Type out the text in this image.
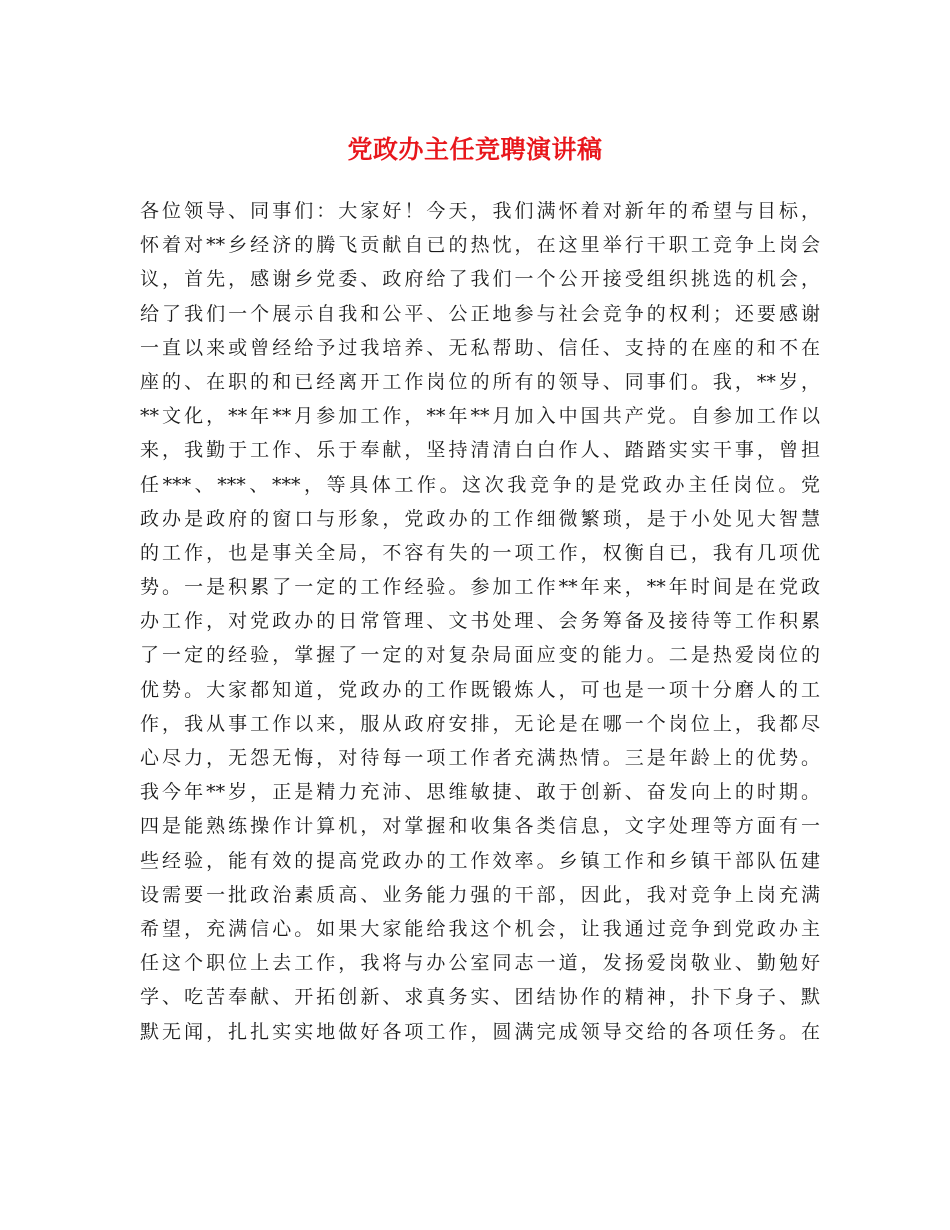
党政办主任竞聘演讲稿
各位领导、同事们：大家好！今天，我们满怀着对新年的希望与目标，
怀着对**乡经济的腾飞贡献自已的热忱，在这里举行干职工竞争上岗会
议，首先，感谢乡党委、政府给了我们一个公开接受组织挑选的机会，
给了我们一个展示自我和公平、公正地参与社会竞争的权利；还要感谢
一直以来或曾经给予过我培养、无私帮助、信任、支持的在座的和不在
座的、在职的和已经离开工作岗位的所有的领导、同事们。我，**岁，
**文化，**年**月参加工作，**年**月加入中国共产党。自参加工作以
来，我勤于工作、乐于奉献，坚持清清白白作人、踏踏实实干事，曾担
任***、***、***，等具体工作。这次我竞争的是党政办主任岗位。党
政办是政府的窗口与形象，党政办的工作细微繁琐，是于小处见大智慧
的工作，也是事关全局，不容有失的一项工作，权衡自已，我有几项优
势。一是积累了一定的工作经验。参加工作**年来，**年时间是在党政
办工作，对党政办的日常管理、文书处理、会务筹备及接待等工作积累
了一定的经验，掌握了一定的对复杂局面应变的能力。二是热爱岗位的
优势。大家都知道，党政办的工作既锻炼人，可也是一项十分磨人的工
作，我从事工作以来，服从政府安排，无论是在哪一个岗位上，我都尽
心尽力，无怨无悔，对待每一项工作者充满热情。三是年龄上的优势。
我今年**岁，正是精力充沛、思维敏捷、敢于创新、奋发向上的时期。
四是能熟练操作计算机，对掌握和收集各类信息，文字处理等方面有一
些经验，能有效的提高党政办的工作效率。乡镇工作和乡镇干部队伍建
设需要一批政治素质高、业务能力强的干部，因此，我对竞争上岗充满
希望，充满信心。如果大家能给我这个机会，让我通过竞争到党政办主
任这个职位上去工作，我将与办公室同志一道，发扬爱岗敬业、勤勉好
学、吃苦奉献、开拓创新、求真务实、团结协作的精神，扑下身子、默
默无闻，扎扎实实地做好各项工作，圆满完成领导交给的各项任务。在
